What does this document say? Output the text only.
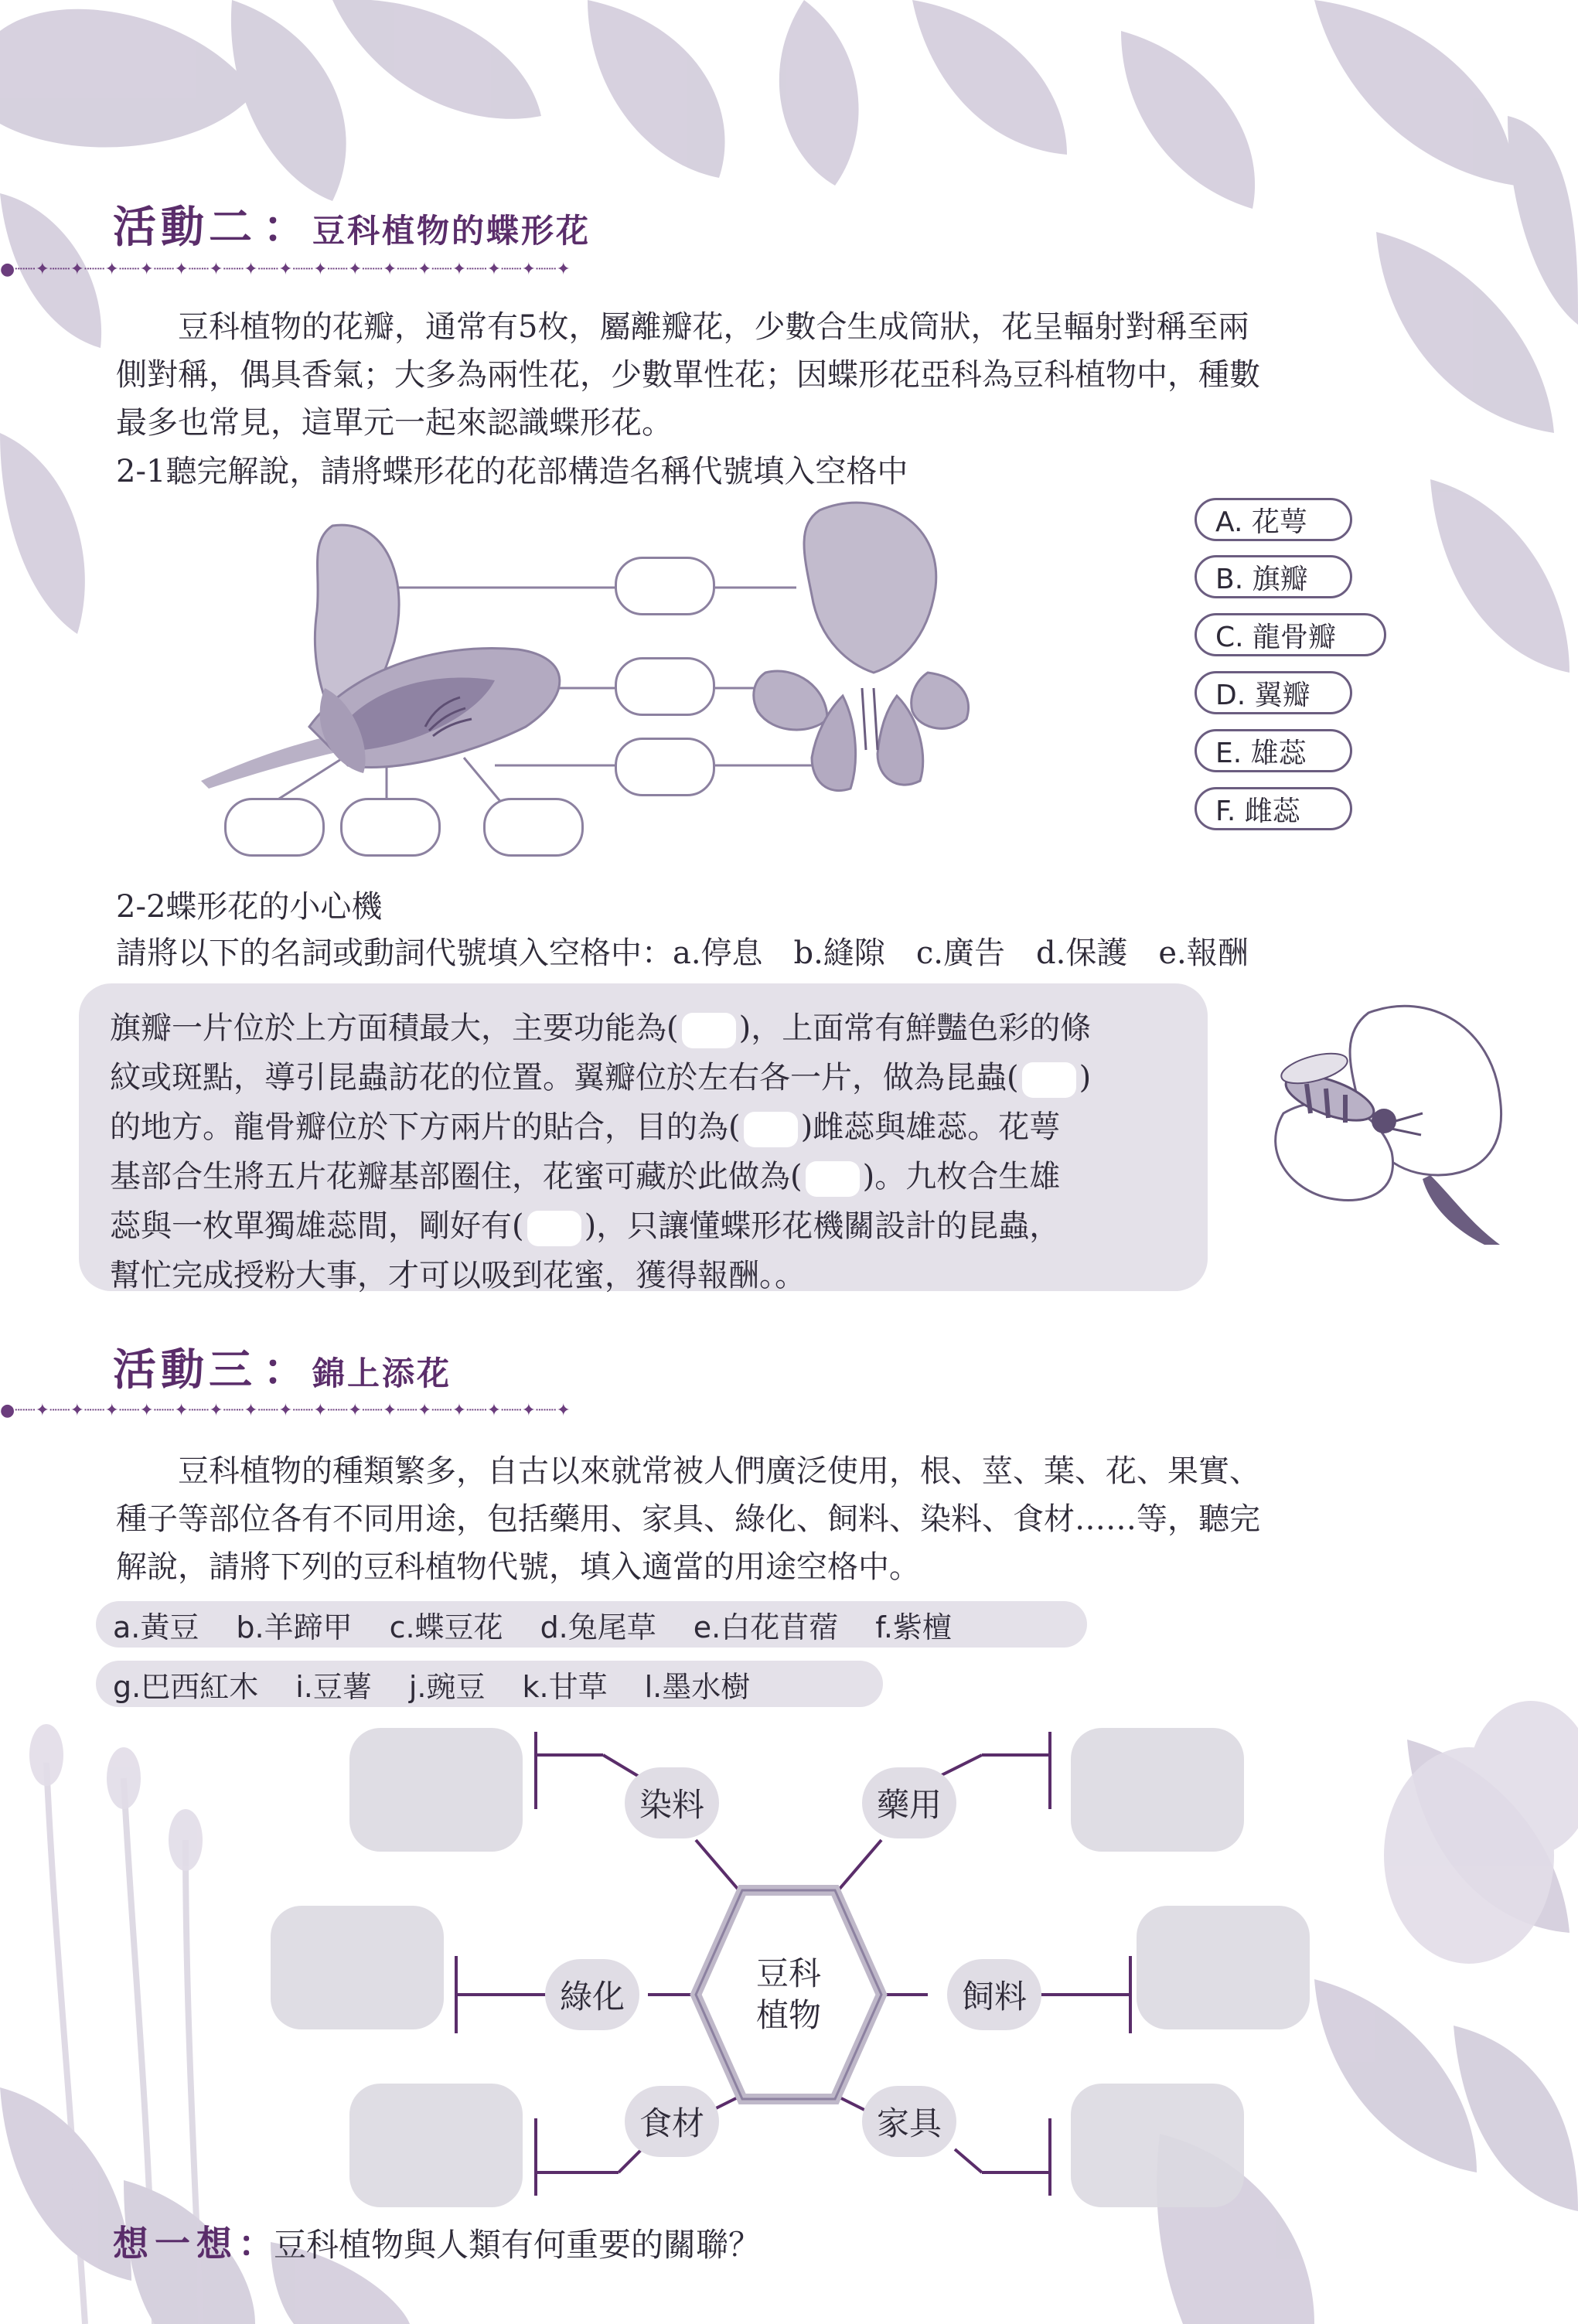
活動二 ： 豆科植物的蝶形花
●┈┈✦┈┈✦┈┈✦┈┈✦┈┈✦┈┈✦┈┈✦┈┈✦┈┈✦┈┈✦┈┈✦┈┈✦┈┈✦┈┈✦┈┈✦┈┈✦

豆科植物的花瓣，通常有5枚，屬離瓣花，少數合生成筒狀，花呈輻射對稱至兩

側對稱，偶具香氣；大多為兩性花，少數單性花；因蝶形花亞科為豆科植物中，種數

最多也常見，這單元一起來認識蝶形花。

2-1聽完解說，請將蝶形花的花部構造名稱代號填入空格中
A. 花萼
B. 旗瓣
C. 龍骨瓣
D. 翼瓣
E. 雄蕊
F. 雌蕊
2-2蝶形花的小心機
請將以下的名詞或動詞代號填入空格中：a.停息　b.縫隙　c.廣告　d.保護　e.報酬
旗瓣一片位於上方面積最大，主要功能為( )，上面常有鮮豔色彩的條
紋或斑點，導引昆蟲訪花的位置。翼瓣位於左右各一片，做為昆蟲( )
的地方。龍骨瓣位於下方兩片的貼合，目的為( )雌蕊與雄蕊。花萼
基部合生將五片花瓣基部圈住，花蜜可藏於此做為( )。九枚合生雄
蕊與一枚單獨雄蕊間，剛好有( )，只讓懂蝶形花機關設計的昆蟲，
幫忙完成授粉大事，才可以吸到花蜜，獲得報酬。。
活動三 ： 錦上添花
●┈┈✦┈┈✦┈┈✦┈┈✦┈┈✦┈┈✦┈┈✦┈┈✦┈┈✦┈┈✦┈┈✦┈┈✦┈┈✦┈┈✦┈┈✦┈┈✦

豆科植物的種類繁多，自古以來就常被人們廣泛使用，根、莖、葉、花、果實、

種子等部位各有不同用途，包括藥用、家具、綠化、飼料、染料、食材……等，聽完

解說，請將下列的豆科植物代號，填入適當的用途空格中。

a.黃豆 b.羊蹄甲 c.蝶豆花 d.兔尾草 e.白花苜蓿 f.紫檀
g.巴西紅木 i.豆薯 j.豌豆 k.甘草 l.墨水樹
染料	藥用
綠化	飼料
食材	家具
豆科
植物
想一想：豆科植物與人類有何重要的關聯？
